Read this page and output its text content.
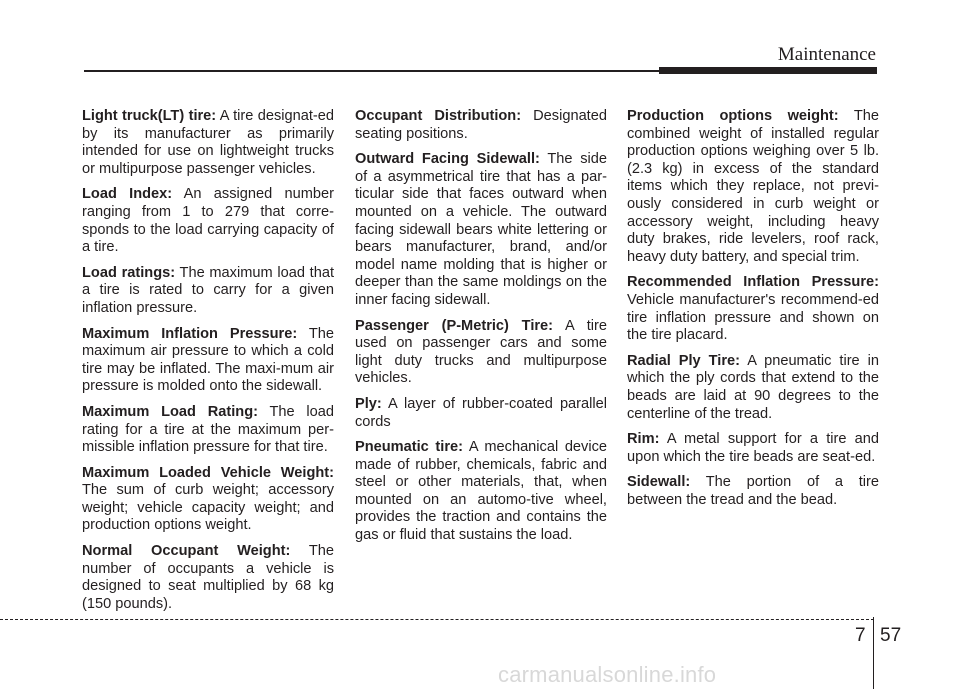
Maintenance

Light truck(LT) tire: A tire designat-ed by its manufacturer as primarily intended for use on lightweight trucks or multipurpose passenger vehicles.

Load Index: An assigned number ranging from 1 to 279 that corre-sponds to the load carrying capacity of a tire.

Load ratings: The maximum load that a tire is rated to carry for a given inflation pressure.

Maximum Inflation Pressure: The maximum air pressure to which a cold tire may be inflated. The maxi-mum air pressure is molded onto the sidewall.

Maximum Load Rating: The load rating for a tire at the maximum per-missible inflation pressure for that tire.

Maximum Loaded Vehicle Weight: The sum of curb weight; accessory weight; vehicle capacity weight; and production options weight.

Normal Occupant Weight: The number of occupants a vehicle is designed to seat multiplied by 68 kg (150 pounds).

Occupant Distribution: Designated seating positions.

Outward Facing Sidewall: The side of a asymmetrical tire that has a par-ticular side that faces outward when mounted on a vehicle. The outward facing sidewall bears white lettering or bears manufacturer, brand, and/or model name molding that is higher or deeper than the same moldings on the inner facing sidewall.

Passenger (P-Metric) Tire: A tire used on passenger cars and some light duty trucks and multipurpose vehicles.

Ply: A layer of rubber-coated parallel cords

Pneumatic tire: A mechanical device made of rubber, chemicals, fabric and steel or other materials, that, when mounted on an automo-tive wheel, provides the traction and contains the gas or fluid that sustains the load.

Production options weight: The combined weight of installed regular production options weighing over 5 lb.(2.3 kg) in excess of the standard items which they replace, not previ-ously considered in curb weight or accessory weight, including heavy duty brakes, ride levelers, roof rack, heavy duty battery, and special trim.

Recommended Inflation Pressure: Vehicle manufacturer's recommend-ed tire inflation pressure and shown on the tire placard.

Radial Ply Tire: A pneumatic tire in which the ply cords that extend to the beads are laid at 90 degrees to the centerline of the tread.

Rim: A metal support for a tire and upon which the tire beads are seat-ed.

Sidewall: The portion of a tire between the tread and the bead.

7 57
carmanualsonline.info
